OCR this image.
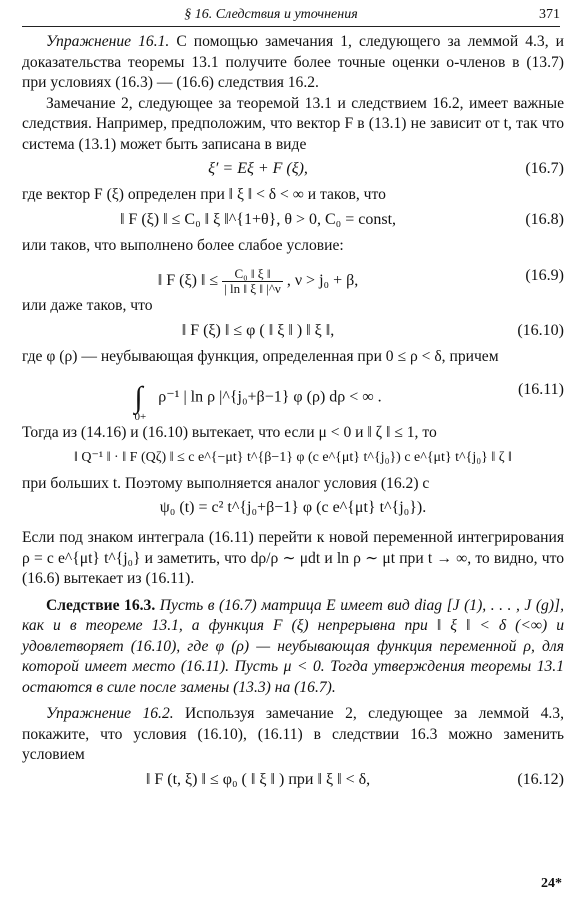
§ 16. Следствия и уточнения	371

Упражнение 16.1. С помощью замечания 1, следующего за леммой 4.3, и доказательства теоремы 13.1 получите более точные оценки o-членов в (13.7) при условиях (16.3) — (16.6) следствия 16.2.

Замечание 2, следующее за теоремой 13.1 и следствием 16.2, имеет важные следствия. Например, предположим, что вектор F в (13.1) не зависит от t, так что система (13.1) может быть записана в виде

ξ′ = Eξ + F (ξ),	(16.7)

где вектор F (ξ) определен при ‖ ξ ‖ < δ < ∞ и таков, что

‖ F (ξ) ‖ ≤ C₀ ‖ ξ ‖^{1+θ}, θ > 0, C₀ = const,	(16.8)

или таков, что выполнено более слабое условие:

‖ F (ξ) ‖ ≤ $\frac{\text{C₀ ‖ ξ ‖}}{| \ln ‖ \xi ‖ |\^{}\nu}$ , ν > j₀ + β,	(16.9)

или даже таков, что

‖ F (ξ) ‖ ≤ φ ( ‖ ξ ‖ ) ‖ ξ ‖,	(16.10)

где φ (ρ) — неубывающая функция, определенная при 0 ≤ ρ < δ, причем

$\int_{0+}$ ρ⁻¹ | ln ρ |^{j₀+β−1} φ (ρ) dρ < ∞ .	(16.11)

Тогда из (14.16) и (16.10) вытекает, что если μ < 0 и ‖ ζ ‖ ≤ 1, то

‖ Q⁻¹ ‖ · ‖ F (Qζ) ‖ ≤ c e^{−μt} t^{β−1} φ (c e^{μt} t^{j₀}) c e^{μt} t^{j₀} ‖ ζ ‖

при больших t. Поэтому выполняется аналог условия (16.2) с

ψ₀ (t) = c² t^{j₀+β−1} φ (c e^{μt} t^{j₀}).

Если под знаком интеграла (16.11) перейти к новой переменной интегрирования ρ = c e^{μt} t^{j₀} и заметить, что dρ/ρ ∼ μdt и ln ρ ∼ μt при t → ∞, то видно, что (16.6) вытекает из (16.11).

Следствие 16.3. Пусть в (16.7) матрица E имеет вид diag [J (1), . . . , J (g)], как и в теореме 13.1, а функция F (ξ) непрерывна при ‖ ξ ‖ < δ (<∞) и удовлетворяет (16.10), где φ (ρ) — неубывающая функция переменной ρ, для которой имеет место (16.11). Пусть μ < 0. Тогда утверждения теоремы 13.1 остаются в силе после замены (13.3) на (16.7).

Упражнение 16.2. Используя замечание 2, следующее за леммой 4.3, покажите, что условия (16.10), (16.11) в следствии 16.3 можно заменить условием

‖ F (t, ξ) ‖ ≤ φ₀ ( ‖ ξ ‖ ) при ‖ ξ ‖ < δ,	(16.12)
24*
